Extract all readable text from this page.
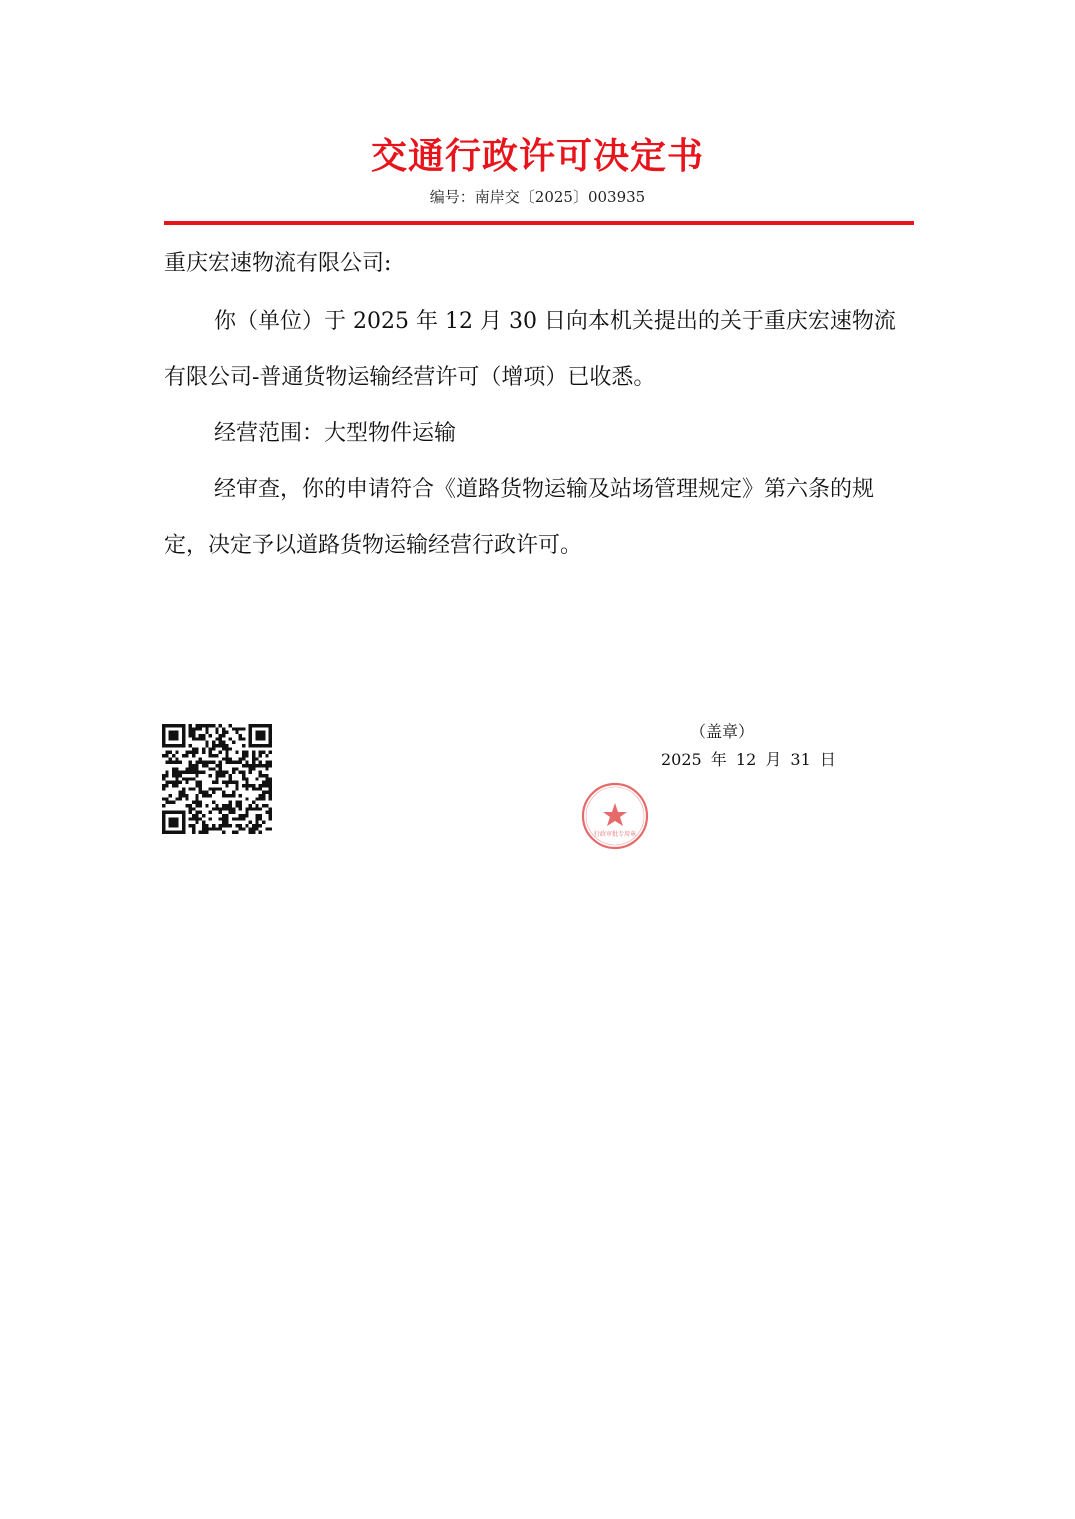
交通行政许可决定书
编号：南岸交〔2025〕003935
重庆宏速物流有限公司:

你（单位）于 2025 年 12 月 30 日向本机关提出的关于重庆宏速物流有限公司-普通货物运输经营许可（增项）已收悉。

经营范围：大型物件运输

经审查，你的申请符合《道路货物运输及站场管理规定》第六条的规定，决定予以道路货物运输经营行政许可。

（盖章）
2025 年 12 月 31 日
行政审批专用章
